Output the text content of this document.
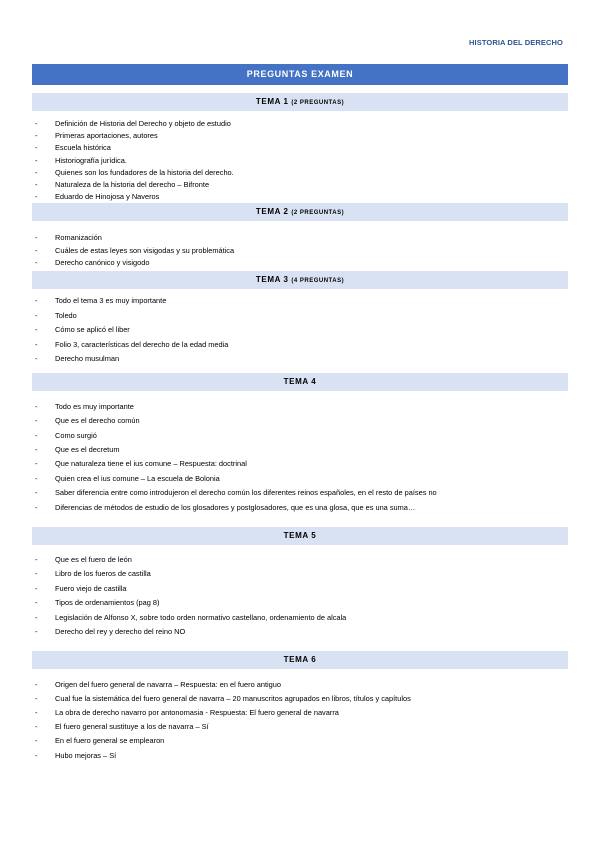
HISTORIA DEL DERECHO
PREGUNTAS EXAMEN
TEMA 1 (2 PREGUNTAS)
- Definición de Historia del Derecho y objeto de estudio
- Primeras aportaciones, autores
- Escuela histórica
- Historiografía jurídica.
- Quienes son los fundadores de la historia del derecho.
- Naturaleza de la historia del derecho – Bifronte
- Eduardo de Hinojosa y Naveros
TEMA 2 (2 PREGUNTAS)
- Romanización
- Cuáles de estas leyes son visigodas y su problemática
- Derecho canónico y visigodo
TEMA 3 (4 PREGUNTAS)
- Todo el tema 3 es muy importante
- Toledo
- Cómo se aplicó el liber
- Folio 3, características del derecho de la edad media
- Derecho musulman
TEMA 4
- Todo es muy importante
- Que es el derecho común
- Como surgió
- Que es el decretum
- Que naturaleza tiene el ius comune – Respuesta: doctrinal
- Quien crea el ius comune – La escuela de Bolonia
- Saber diferencia entre como introdujeron el derecho común los diferentes reinos españoles, en el resto de países no
- Diferencias de métodos de estudio de los glosadores y postglosadores, que es una glosa, que es una suma…
TEMA 5
- Que es el fuero de león
- Libro de los fueros de castilla
- Fuero viejo de castilla
- Tipos de ordenamientos (pag 8)
- Legislación de Alfonso X, sobre todo orden normativo castellano, ordenamiento de alcala
- Derecho del rey y derecho del reino NO
TEMA 6
- Origen del fuero general de navarra – Respuesta: en el fuero antiguo
- Cual fue la sistemática del fuero general de navarra – 20 manuscritos agrupados en libros, títulos y capítulos
- La obra de derecho navarro por antonomasia - Respuesta: El fuero general de navarra
- El fuero general sustituye a los de navarra – Sí
- En el fuero general se emplearon
- Hubo mejoras – Sí
